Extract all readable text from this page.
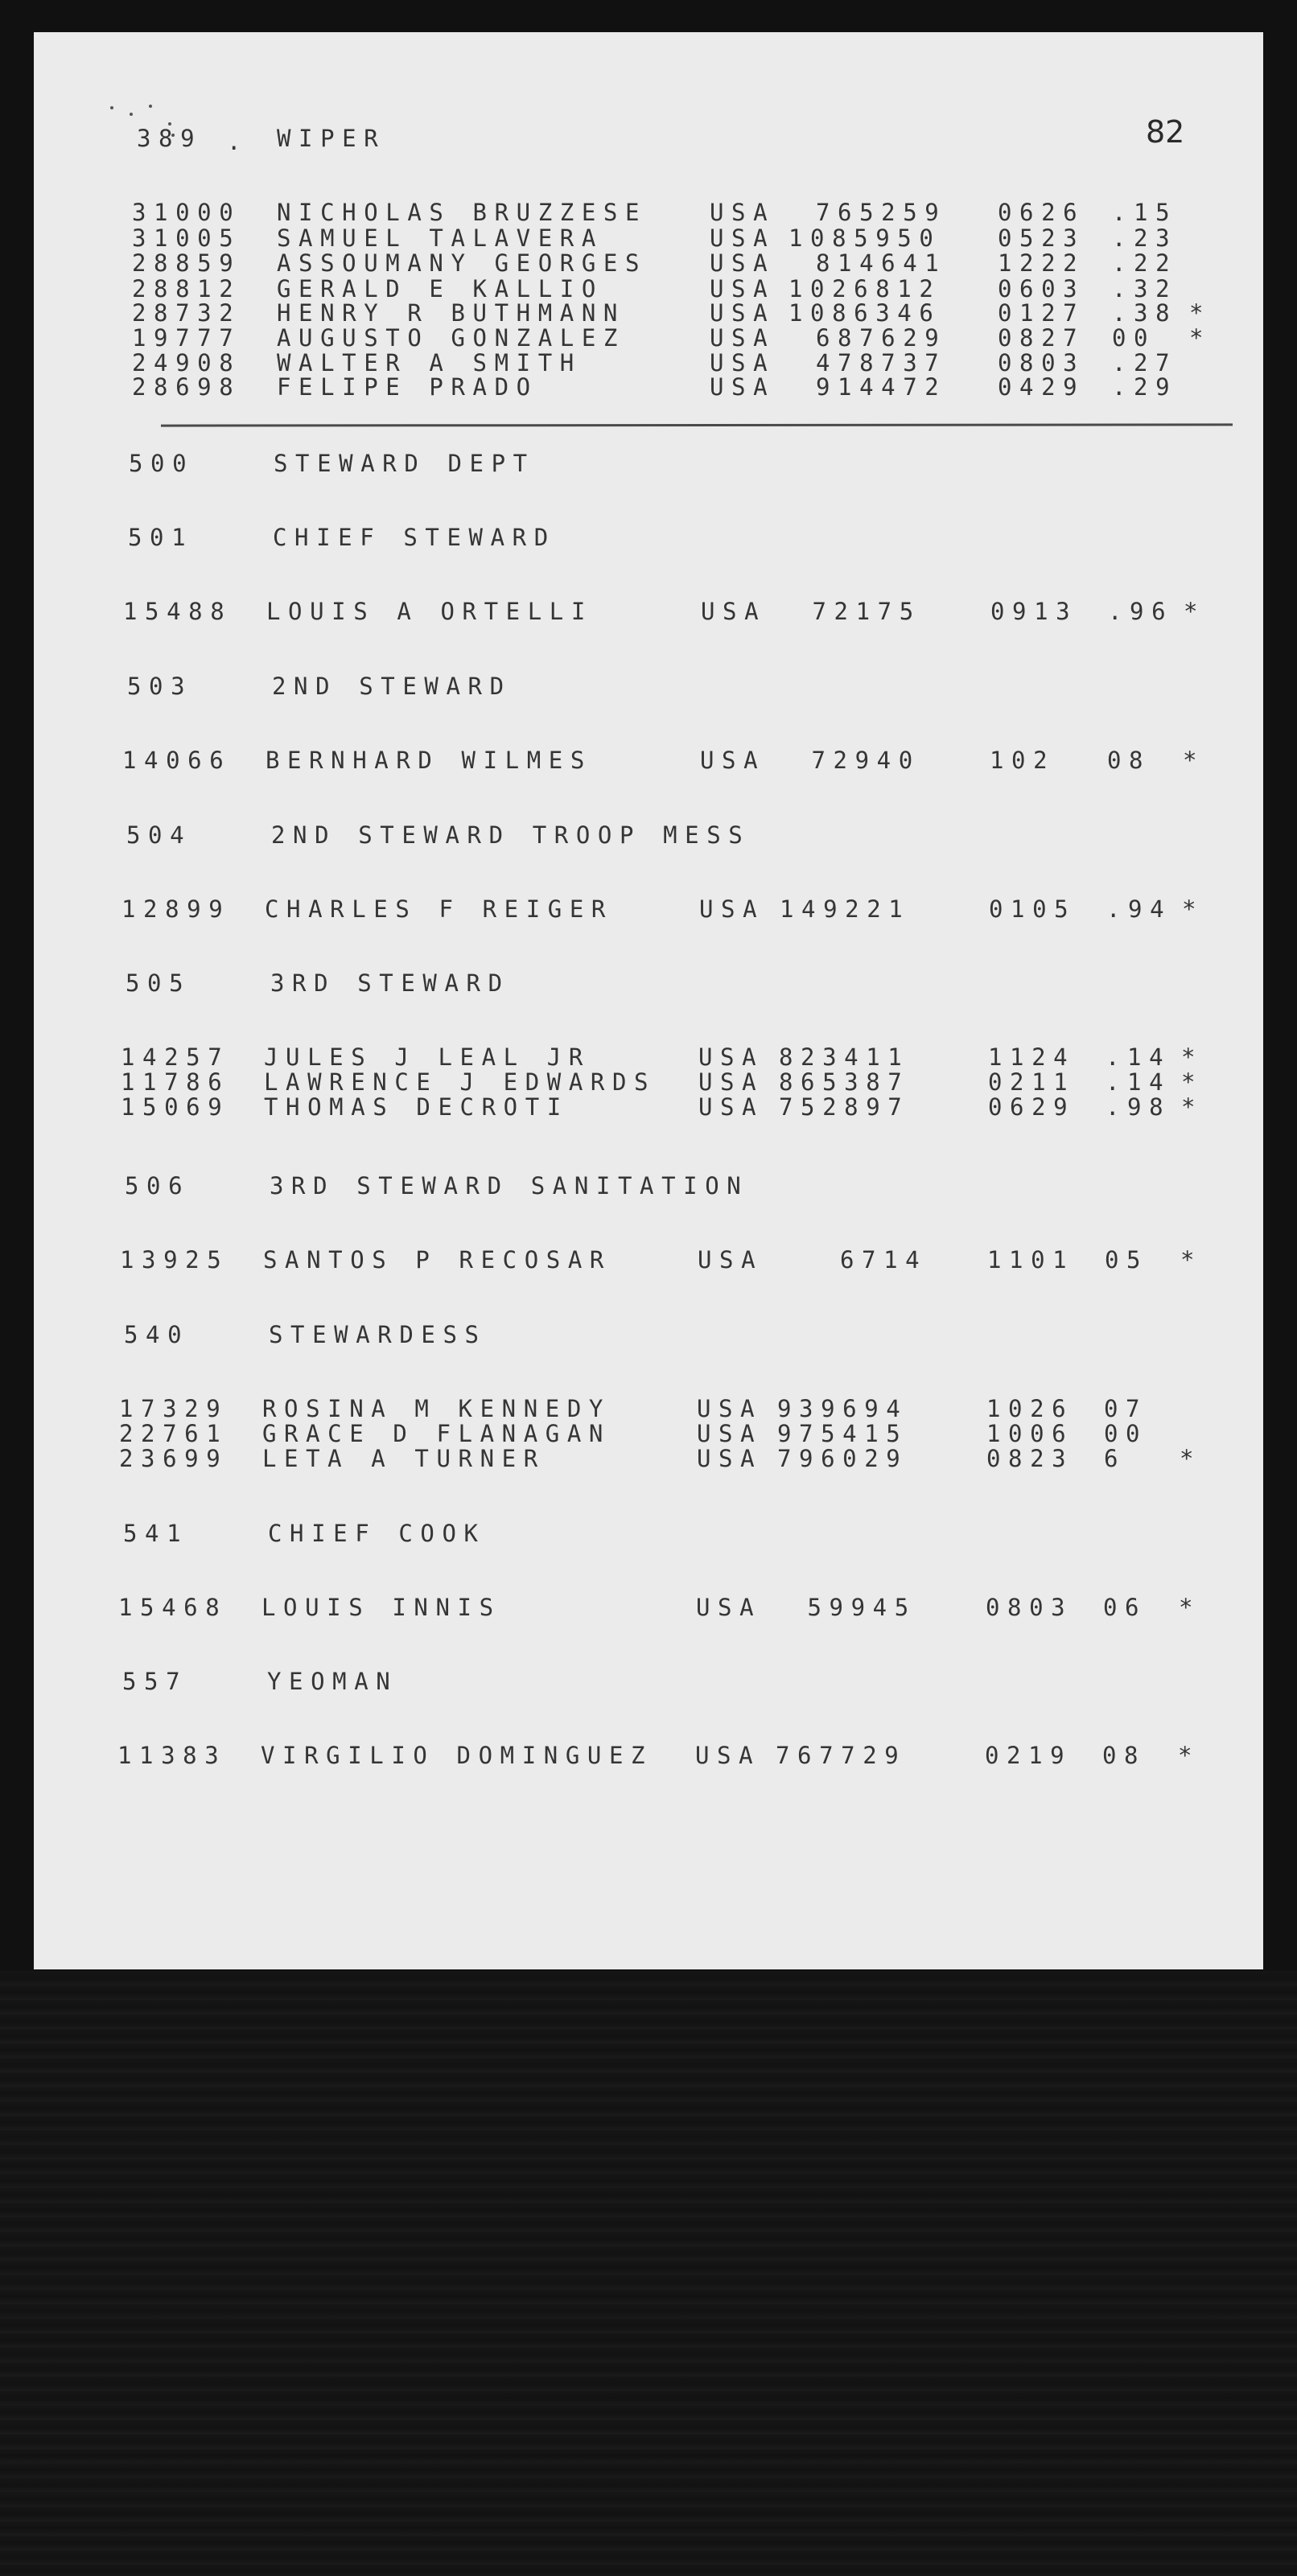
389 . WIPER	82
31000 NICHOLAS BRUZZESE	USA 765259 0626 .15
31005 SAMUEL TALAVERA	USA 1085950 0523 .23
28859 ASSOUMANY GEORGES	USA 814641 1222 .22
28812 GERALD E KALLIO	USA 1026812 0603 .32
28732 HENRY R BUTHMANN	USA 1086346 0127 .38 *
19777 AUGUSTO GONZALEZ	USA 687629 0827 00 *
24908 WALTER A SMITH	USA 478737 0803 .27
28698 FELIPE PRADO	USA 914472 0429 .29
500	STEWARD DEPT
501	CHIEF STEWARD
15488 LOUIS A ORTELLI	USA 72175	0913 .96 *
503	2ND STEWARD
14066 BERNHARD WILMES	USA 72940	102 08 *
504	2ND STEWARD TROOP MESS
12899 CHARLES F REIGER	USA 149221	0105 .94 *
505	3RD STEWARD
14257 JULES J LEAL JR	USA 823411	1124 .14 *
11786 LAWRENCE J EDWARDS USA 865387	0211 .14 *
15069 THOMAS DECROTI	USA 752897	0629 .98 *
506	3RD STEWARD SANITATION
13925 SANTOS P RECOSAR	USA	6714	1101 05 *
540	STEWARDESS
17329 ROSINA M KENNEDY	USA 939694	1026 07
22761 GRACE D FLANAGAN	USA 975415	1006 00
23699 LETA A TURNER	USA 796029	0823 6 *
541	CHIEF COOK
15468 LOUIS INNIS	USA 59945	0803 06 *
557	YEOMAN
11383 VIRGILIO DOMINGUEZ USA 767729	0219 08 *
